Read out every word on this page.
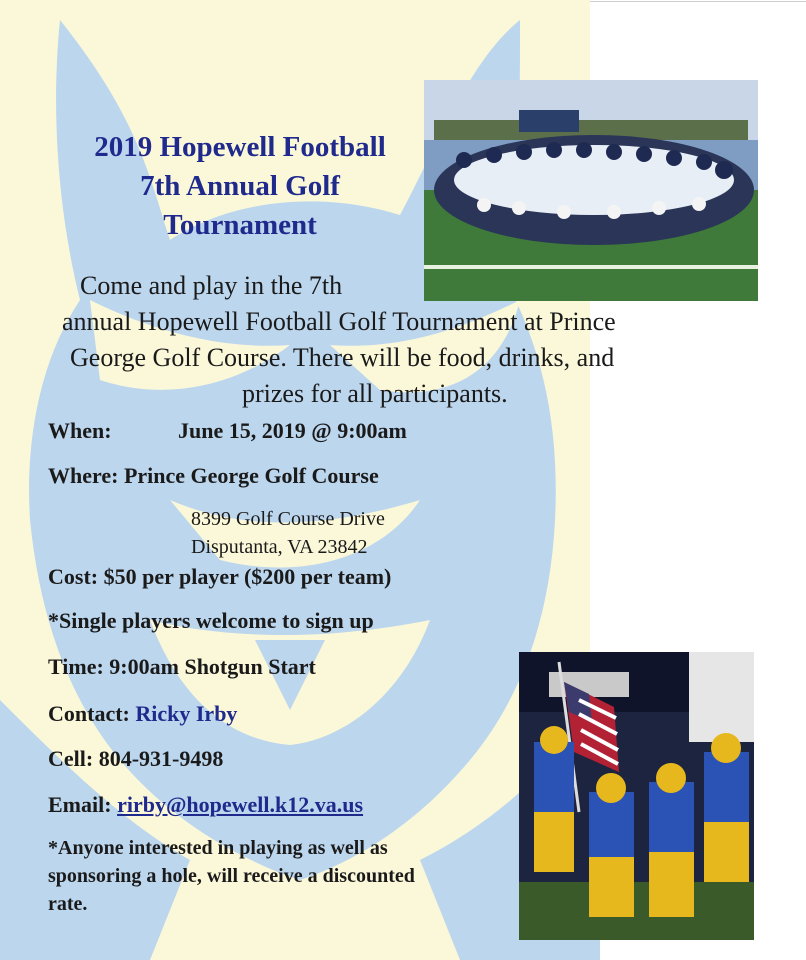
2019 Hopewell Football
7th Annual Golf
Tournament
Come and play in the 7th
annual Hopewell Football Golf Tournament at Prince
George Golf Course. There will be food, drinks, and
prizes for all participants.
When:	June 15, 2019 @ 9:00am
Where: Prince George Golf Course
8399 Golf Course Drive
Disputanta, VA 23842
Cost: $50 per player ($200 per team)
*Single players welcome to sign up
Time: 9:00am Shotgun Start
Contact: Ricky Irby
Cell: 804-931-9498
Email: rirby@hopewell.k12.va.us
*Anyone interested in playing as well as
sponsoring a hole, will receive a discounted
rate.
